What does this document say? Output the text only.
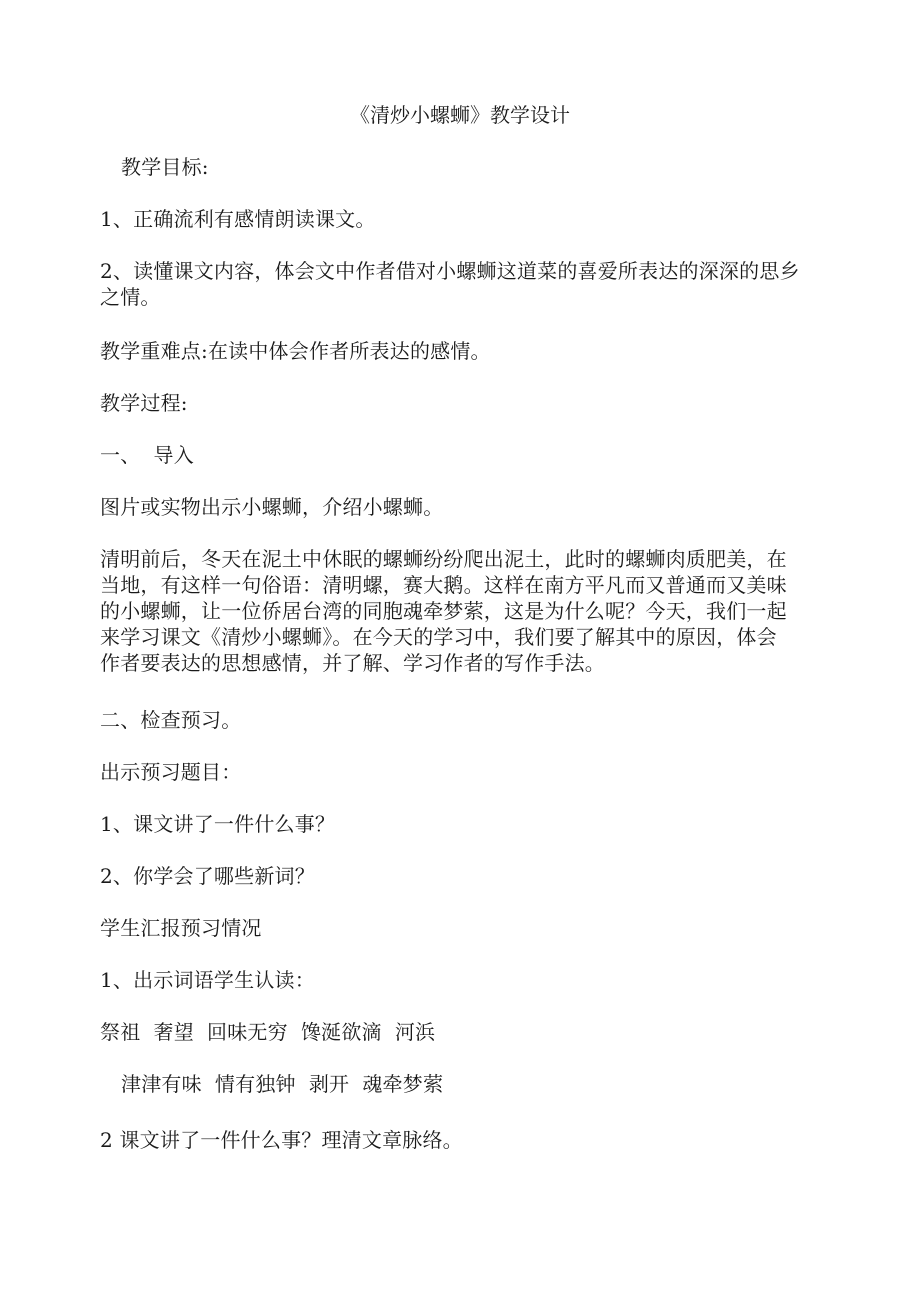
《清炒小螺蛳》教学设计
教学目标:
1、正确流利有感情朗读课文。
2、读懂课文内容，体会文中作者借对小螺蛳这道菜的喜爱所表达的深深的思乡
之情。
教学重难点:在读中体会作者所表达的感情。
教学过程:
一、  导入
图片或实物出示小螺蛳，介绍小螺蛳。
清明前后，冬天在泥土中休眠的螺蛳纷纷爬出泥土，此时的螺蛳肉质肥美，在
当地，有这样一句俗语：清明螺，赛大鹅。这样在南方平凡而又普通而又美味
的小螺蛳，让一位侨居台湾的同胞魂牵梦萦，这是为什么呢？今天，我们一起
来学习课文《清炒小螺蛳》。在今天的学习中，我们要了解其中的原因，体会
作者要表达的思想感情，并了解、学习作者的写作手法。
二、检查预习。
出示预习题目：
1、课文讲了一件什么事？
2、你学会了哪些新词？
学生汇报预习情况
1、出示词语学生认读：
祭祖  奢望  回味无穷  馋涎欲滴  河浜
津津有味  情有独钟  剥开  魂牵梦萦
2 课文讲了一件什么事？理清文章脉络。
